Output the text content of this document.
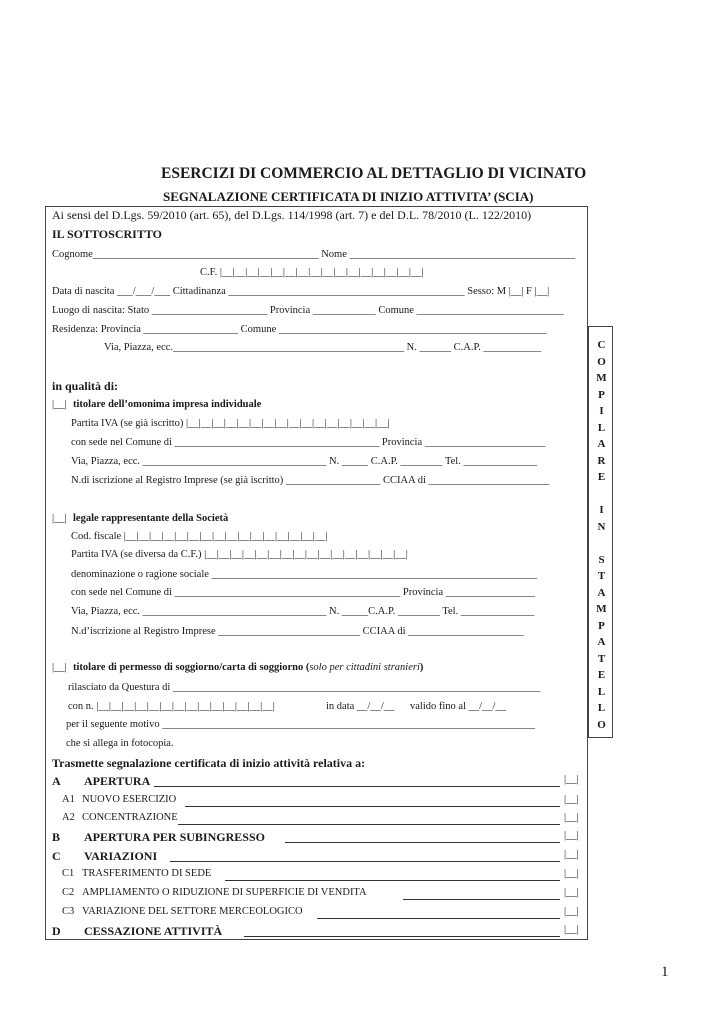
ESERCIZI DI COMMERCIO AL DETTAGLIO DI VICINATO
SEGNALAZIONE CERTIFICATA DI INIZIO ATTIVITA’ (SCIA)
C
O
M
P
I
L
A
R
E
I
N
S
T
A
M
P
A
T
E
L
L
O
Ai sensi del D.Lgs. 59/2010 (art. 65), del D.Lgs. 114/1998 (art. 7) e del D.L. 78/2010 (L. 122/2010)
IL SOTTOSCRITTO
Cognome___________________________________________ Nome ___________________________________________
C.F. |__|__|__|__|__|__|__|__|__|__|__|__|__|__|__|__|
Data di nascita ___/___/___ Cittadinanza _____________________________________________ Sesso: M |__| F |__|
Luogo di nascita: Stato ______________________ Provincia ____________ Comune ____________________________
Residenza: Provincia __________________ Comune ___________________________________________________
Via, Piazza, ecc.____________________________________________ N. ______ C.A.P. ___________
in qualità di:
|__| titolare dell’omonima impresa individuale
Partita IVA (se già iscritto) |__|__|__|__|__|__|__|__|__|__|__|__|__|__|__|__|
con sede nel Comune di _______________________________________ Provincia _______________________
Via, Piazza, ecc. ___________________________________ N. _____ C.A.P. ________ Tel. ______________
N.di iscrizione al Registro Imprese (se già iscritto) __________________ CCIAA di _______________________
|__| legale rappresentante della Società
Cod. fiscale |__|__|__|__|__|__|__|__|__|__|__|__|__|__|__|__|
Partita IVA (se diversa da C.F.) |__|__|__|__|__|__|__|__|__|__|__|__|__|__|__|__|
denominazione o ragione sociale ______________________________________________________________
con sede nel Comune di ___________________________________________ Provincia _________________
Via, Piazza, ecc. ___________________________________ N. _____C.A.P. ________ Tel. ______________
N.d’iscrizione al Registro Imprese ___________________________ CCIAA di ______________________
|__| titolare di permesso di soggiorno/carta di soggiorno (solo per cittadini stranieri)
rilasciato da Questura di ______________________________________________________________________
con n. |__|__|__|__|__|__|__|__|__|__|__|__|__|__|	in data __/__/__ valido fino al __/__/__
per il seguente motivo _______________________________________________________________________
che si allega in fotocopia.
Trasmette segnalazione certificata di inizio attività relativa a:
A APERTURA	|__|
A1 NUOVO ESERCIZIO	|__|
A2 CONCENTRAZIONE	|__|
B APERTURA PER SUBINGRESSO	|__|
C VARIAZIONI	|__|
C1 TRASFERIMENTO DI SEDE	|__|
C2 AMPLIAMENTO O RIDUZIONE DI SUPERFICIE DI VENDITA	|__|
C3 VARIAZIONE DEL SETTORE MERCEOLOGICO	|__|
D CESSAZIONE ATTIVITÀ	|__|
1
